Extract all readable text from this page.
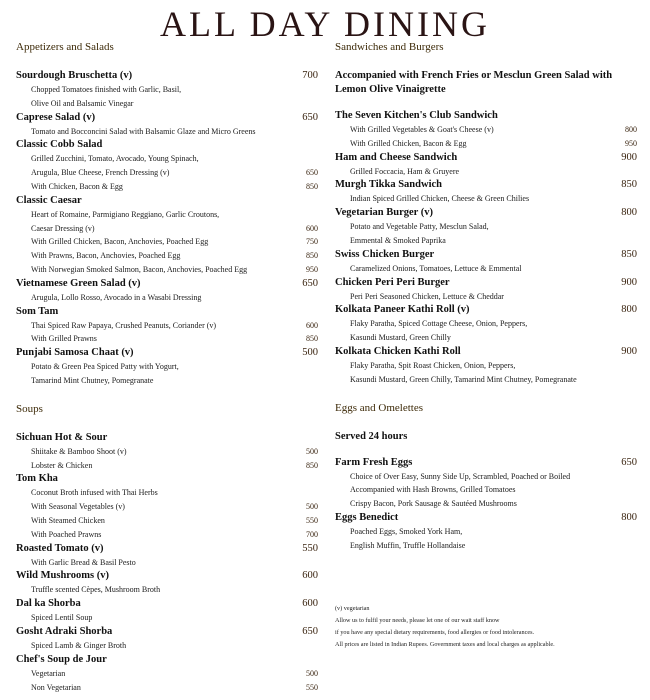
ALL DAY DINING
Appetizers and Salads
Sourdough Bruschetta (v)	700
Chopped Tomatoes finished with Garlic, Basil,
Olive Oil and Balsamic Vinegar
Caprese Salad (v)	650
Tomato and Bocconcini Salad with Balsamic Glaze and Micro Greens
Classic Cobb Salad
Grilled Zucchini, Tomato, Avocado, Young Spinach,
Arugula, Blue Cheese, French Dressing (v)	650
With Chicken, Bacon & Egg	850
Classic Caesar
Heart of Romaine, Parmigiano Reggiano, Garlic Croutons,
Caesar Dressing (v)	600
With Grilled Chicken, Bacon, Anchovies, Poached Egg	750
With Prawns, Bacon, Anchovies, Poached Egg	850
With Norwegian Smoked Salmon, Bacon, Anchovies, Poached Egg	950
Vietnamese Green Salad (v)	650
Arugula, Lollo Rosso, Avocado in a Wasabi Dressing
Som Tam
Thai Spiced Raw Papaya, Crushed Peanuts, Coriander (v)	600
With Grilled Prawns	850
Punjabi Samosa Chaat (v)	500
Potato & Green Pea Spiced Patty with Yogurt,
Tamarind Mint Chutney, Pomegranate
Soups
Sichuan Hot & Sour
Shiitake & Bamboo Shoot (v)	500
Lobster & Chicken	850
Tom Kha
Coconut Broth infused with Thai Herbs
With Seasonal Vegetables (v)	500
With Steamed Chicken	550
With Poached Prawns	700
Roasted Tomato (v)	550
With Garlic Bread & Basil Pesto
Wild Mushrooms (v)	600
Truffle scented Cèpes, Mushroom Broth
Dal ka Shorba	600
Spiced Lentil Soup
Gosht Adraki Shorba	650
Spiced Lamb & Ginger Broth
Chef's Soup de Jour
Vegetarian	500
Non Vegetarian	550
Sandwiches and Burgers
Accompanied with French Fries or Mesclun Green Salad with
Lemon Olive Vinaigrette
The Seven Kitchen's Club Sandwich
With Grilled Vegetables & Goat's Cheese (v)	800
With Grilled Chicken, Bacon & Egg	950
Ham and Cheese Sandwich	900
Grilled Foccacia, Ham & Gruyere
Murgh Tikka Sandwich	850
Indian Spiced Grilled Chicken, Cheese & Green Chilies
Vegetarian Burger (v)	800
Potato and Vegetable Patty, Mesclun Salad,
Emmental & Smoked Paprika
Swiss Chicken Burger	850
Caramelized Onions, Tomatoes, Lettuce & Emmental
Chicken Peri Peri Burger	900
Peri Peri Seasoned Chicken, Lettuce & Cheddar
Kolkata Paneer Kathi Roll (v)	800
Flaky Paratha, Spiced Cottage Cheese, Onion, Peppers,
Kasundi Mustard, Green Chilly
Kolkata Chicken Kathi Roll	900
Flaky Paratha, Spit Roast Chicken, Onion, Peppers,
Kasundi Mustard, Green Chilly, Tamarind Mint Chutney, Pomegranate
Eggs and Omelettes
Served 24 hours
Farm Fresh Eggs	650
Choice of Over Easy, Sunny Side Up, Scrambled, Poached or Boiled
Accompanied with Hash Browns, Grilled Tomatoes
Crispy Bacon, Pork Sausage & Sautéed Mushrooms
Eggs Benedict	800
Poached Eggs, Smoked York Ham,
English Muffin, Truffle Hollandaise
(v) vegetarian
Allow us to fulfil your needs, please let one of our wait staff know
if you have any special dietary requirements, food allergies or food intolerances.
All prices are listed in Indian Rupees. Government taxes and local charges as applicable.
